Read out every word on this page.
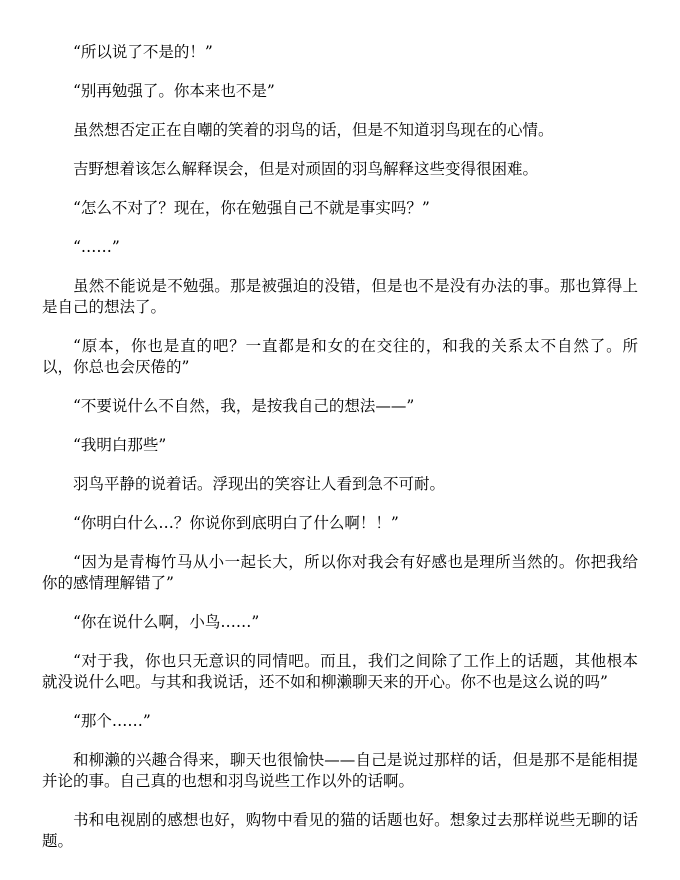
“所以说了不是的！”

“别再勉强了。你本来也不是”

虽然想否定正在自嘲的笑着的羽鸟的话，但是不知道羽鸟现在的心情。

吉野想着该怎么解释误会，但是对顽固的羽鸟解释这些变得很困难。

“怎么不对了？现在，你在勉强自己不就是事实吗？”

“……”

虽然不能说是不勉强。那是被强迫的没错，但是也不是没有办法的事。那也算得上是自己的想法了。

“原本，你也是直的吧？一直都是和女的在交往的，和我的关系太不自然了。所以，你总也会厌倦的”

“不要说什么不自然，我，是按我自己的想法——”

“我明白那些”

羽鸟平静的说着话。浮现出的笑容让人看到急不可耐。

“你明白什么…？你说你到底明白了什么啊！！”

“因为是青梅竹马从小一起长大，所以你对我会有好感也是理所当然的。你把我给你的感情理解错了”

“你在说什么啊，小鸟……”

“对于我，你也只无意识的同情吧。而且，我们之间除了工作上的话题，其他根本就没说什么吧。与其和我说话，还不如和柳濑聊天来的开心。你不也是这么说的吗”

“那个……”

和柳濑的兴趣合得来，聊天也很愉快——自己是说过那样的话，但是那不是能相提并论的事。自己真的也想和羽鸟说些工作以外的话啊。

书和电视剧的感想也好，购物中看见的猫的话题也好。想象过去那样说些无聊的话题。
